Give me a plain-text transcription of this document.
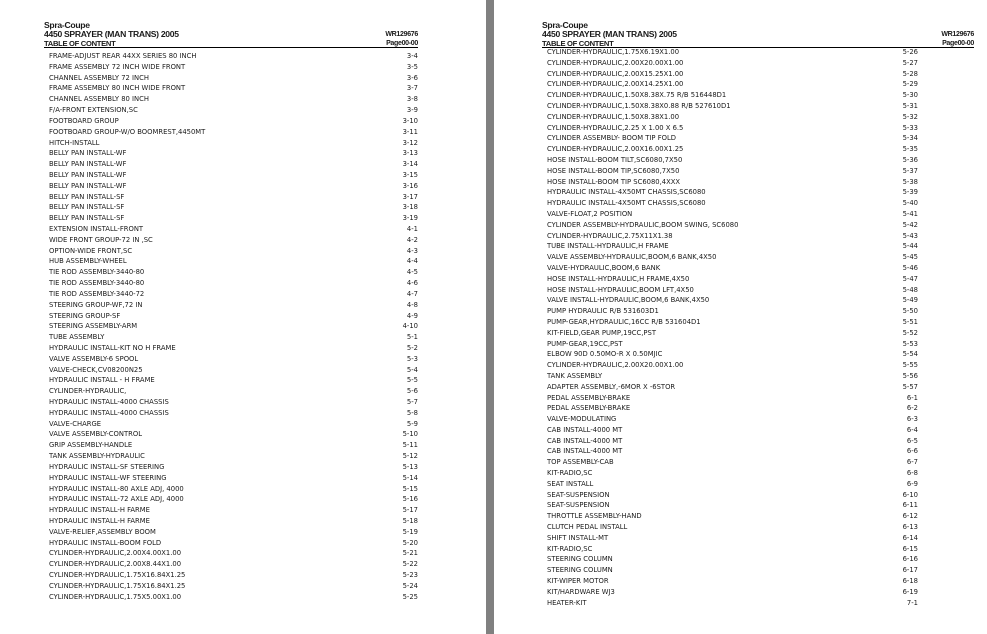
Spra-Coupe
4450 SPRAYER (MAN TRANS) 2005	WR129676
TABLE OF CONTENT	Page00-00
FRAME-ADJUST REAR 44XX SERIES 80 INCH	3-4
FRAME ASSEMBLY 72 INCH WIDE FRONT	3-5
CHANNEL ASSEMBLY 72 INCH	3-6
FRAME ASSEMBLY 80 INCH WIDE FRONT	3-7
CHANNEL ASSEMBLY 80 INCH	3-8
F/A-FRONT EXTENSION,SC	3-9
FOOTBOARD GROUP	3-10
FOOTBOARD GROUP-W/O BOOMREST,4450MT	3-11
HITCH-INSTALL	3-12
BELLY PAN INSTALL-WF	3-13
BELLY PAN INSTALL-WF	3-14
BELLY PAN INSTALL-WF	3-15
BELLY PAN INSTALL-WF	3-16
BELLY PAN INSTALL-SF	3-17
BELLY PAN INSTALL-SF	3-18
BELLY PAN INSTALL-SF	3-19
EXTENSION INSTALL-FRONT	4-1
WIDE FRONT GROUP-72 IN ,SC	4-2
OPTION-WIDE FRONT,SC	4-3
HUB ASSEMBLY-WHEEL	4-4
TIE ROD ASSEMBLY-3440-80	4-5
TIE ROD ASSEMBLY-3440-80	4-6
TIE ROD ASSEMBLY-3440-72	4-7
STEERING GROUP-WF,72 IN	4-8
STEERING GROUP-SF	4-9
STEERING ASSEMBLY-ARM	4-10
TUBE ASSEMBLY	5-1
HYDRAULIC INSTALL-KIT NO H FRAME	5-2
VALVE ASSEMBLY-6 SPOOL	5-3
VALVE-CHECK,CV08200N25	5-4
HYDRAULIC INSTALL - H FRAME	5-5
CYLINDER-HYDRAULIC,	5-6
HYDRAULIC INSTALL-4000 CHASSIS	5-7
HYDRAULIC INSTALL-4000 CHASSIS	5-8
VALVE-CHARGE	5-9
VALVE ASSEMBLY-CONTROL	5-10
GRIP ASSEMBLY-HANDLE	5-11
TANK ASSEMBLY-HYDRAULIC	5-12
HYDRAULIC INSTALL-SF STEERING	5-13
HYDRAULIC INSTALL-WF STEERING	5-14
HYDRAULIC INSTALL-80 AXLE ADJ, 4000	5-15
HYDRAULIC INSTALL-72 AXLE ADJ, 4000	5-16
HYDRAULIC INSTALL-H FARME	5-17
HYDRAULIC INSTALL-H FARME	5-18
VALVE-RELIEF,ASSEMBLY BOOM	5-19
HYDRAULIC INSTALL-BOOM FOLD	5-20
CYLINDER-HYDRAULIC,2.00X4.00X1.00	5-21
CYLINDER-HYDRAULIC,2.00X8.44X1.00	5-22
CYLINDER-HYDRAULIC,1.75X16.84X1.25	5-23
CYLINDER-HYDRAULIC,1.75X16.84X1.25	5-24
CYLINDER-HYDRAULIC,1.75X5.00X1.00	5-25
Spra-Coupe
4450 SPRAYER (MAN TRANS) 2005	WR129676
TABLE OF CONTENT	Page00-00
CYLINDER-HYDRAULIC,1.75X6.19X1.00	5-26
CYLINDER-HYDRAULIC,2.00X20.00X1.00	5-27
CYLINDER-HYDRAULIC,2.00X15.25X1.00	5-28
CYLINDER-HYDRAULIC,2.00X14.25X1.00	5-29
CYLINDER-HYDRAULIC,1.50X8.38X.75 R/B 516448D1	5-30
CYLINDER-HYDRAULIC,1.50X8.38X0.88 R/B 527610D1	5-31
CYLINDER-HYDRAULIC,1.50X8.38X1.00	5-32
CYLINDER-HYDRAULIC,2.25 X 1.00 X 6.5	5-33
CYLINDER ASSEMBLY- BOOM TIP FOLD	5-34
CYLINDER-HYDRAULIC,2.00X16.00X1.25	5-35
HOSE INSTALL-BOOM TILT,SC6080,7X50	5-36
HOSE INSTALL-BOOM TIP,SC6080,7X50	5-37
HOSE INSTALL-BOOM TIP SC6080,4XXX	5-38
HYDRAULIC INSTALL-4X50MT CHASSIS,SC6080	5-39
HYDRAULIC INSTALL-4X50MT CHASSIS,SC6080	5-40
VALVE-FLOAT,2 POSITION	5-41
CYLINDER ASSEMBLY-HYDRAULIC,BOOM SWING, SC6080	5-42
CYLINDER-HYDRAULIC,2.75X11X1.38	5-43
TUBE INSTALL-HYDRAULIC,H FRAME	5-44
VALVE ASSEMBLY-HYDRAULIC,BOOM,6 BANK,4X50	5-45
VALVE-HYDRAULIC,BOOM,6 BANK	5-46
HOSE INSTALL-HYDRAULIC,H FRAME,4X50	5-47
HOSE INSTALL-HYDRAULIC,BOOM LFT,4X50	5-48
VALVE INSTALL-HYDRAULIC,BOOM,6 BANK,4X50	5-49
PUMP HYDRAULIC R/B 531603D1	5-50
PUMP-GEAR,HYDRAULIC,16CC R/B 531604D1	5-51
KIT-FIELD,GEAR PUMP,19CC,PST	5-52
PUMP-GEAR,19CC,PST	5-53
ELBOW 90D 0.50MO-R X 0.50MJIC	5-54
CYLINDER-HYDRAULIC,2.00X20.00X1.00	5-55
TANK ASSEMBLY	5-56
ADAPTER ASSEMBLY,-6MOR X -6STOR	5-57
PEDAL ASSEMBLY-BRAKE	6-1
PEDAL ASSEMBLY-BRAKE	6-2
VALVE-MODULATING	6-3
CAB INSTALL-4000 MT	6-4
CAB INSTALL-4000 MT	6-5
CAB INSTALL-4000 MT	6-6
TOP ASSEMBLY-CAB	6-7
KIT-RADIO,SC	6-8
SEAT INSTALL	6-9
SEAT-SUSPENSION	6-10
SEAT-SUSPENSION	6-11
THROTTLE ASSEMBLY-HAND	6-12
CLUTCH PEDAL INSTALL	6-13
SHIFT INSTALL-MT	6-14
KIT-RADIO,SC	6-15
STEERING COLUMN	6-16
STEERING COLUMN	6-17
KIT-WIPER MOTOR	6-18
KIT/HARDWARE WJ3	6-19
HEATER-KIT	7-1
